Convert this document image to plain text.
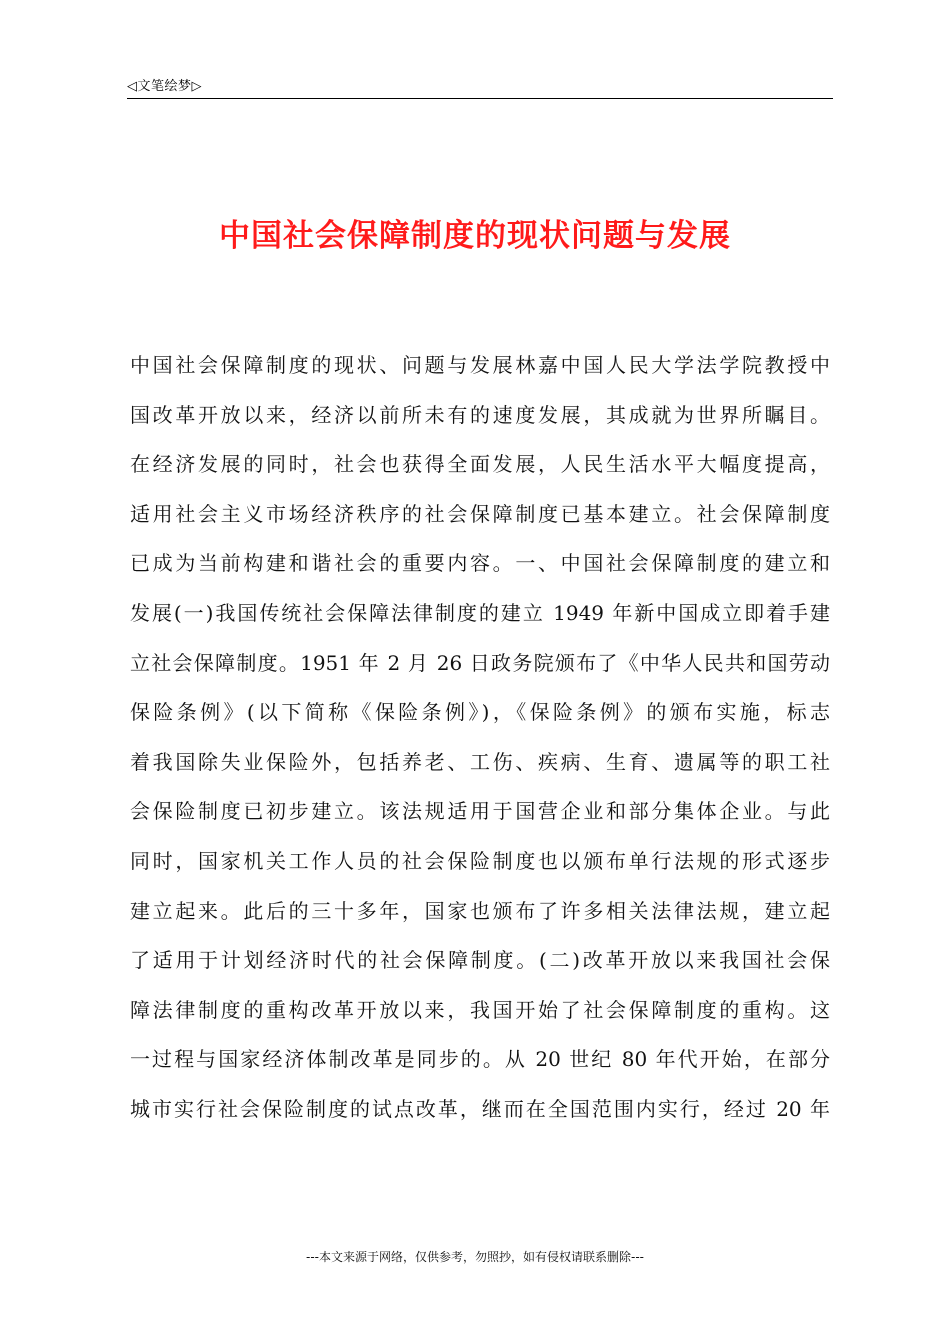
◁文笔绘梦▷
中国社会保障制度的现状问题与发展
中国社会保障制度的现状、问题与发展林嘉中国人民大学法学院教授中
国改革开放以来，经济以前所未有的速度发展，其成就为世界所瞩目。
在经济发展的同时，社会也获得全面发展，人民生活水平大幅度提高，
适用社会主义市场经济秩序的社会保障制度已基本建立。社会保障制度
已成为当前构建和谐社会的重要内容。一、中国社会保障制度的建立和
发展(一)我国传统社会保障法律制度的建立 1949 年新中国成立即着手建
立社会保障制度。1951 年 2 月 26 日政务院颁布了《中华人民共和国劳动
保险条例》(以下简称《保险条例》)，《保险条例》的颁布实施，标志
着我国除失业保险外，包括养老、工伤、疾病、生育、遗属等的职工社
会保险制度已初步建立。该法规适用于国营企业和部分集体企业。与此
同时，国家机关工作人员的社会保险制度也以颁布单行法规的形式逐步
建立起来。此后的三十多年，国家也颁布了许多相关法律法规，建立起
了适用于计划经济时代的社会保障制度。(二)改革开放以来我国社会保
障法律制度的重构改革开放以来，我国开始了社会保障制度的重构。这
一过程与国家经济体制改革是同步的。从 20 世纪 80 年代开始，在部分
城市实行社会保险制度的试点改革，继而在全国范围内实行，经过 20 年
---本文来源于网络，仅供参考，勿照抄，如有侵权请联系删除---
